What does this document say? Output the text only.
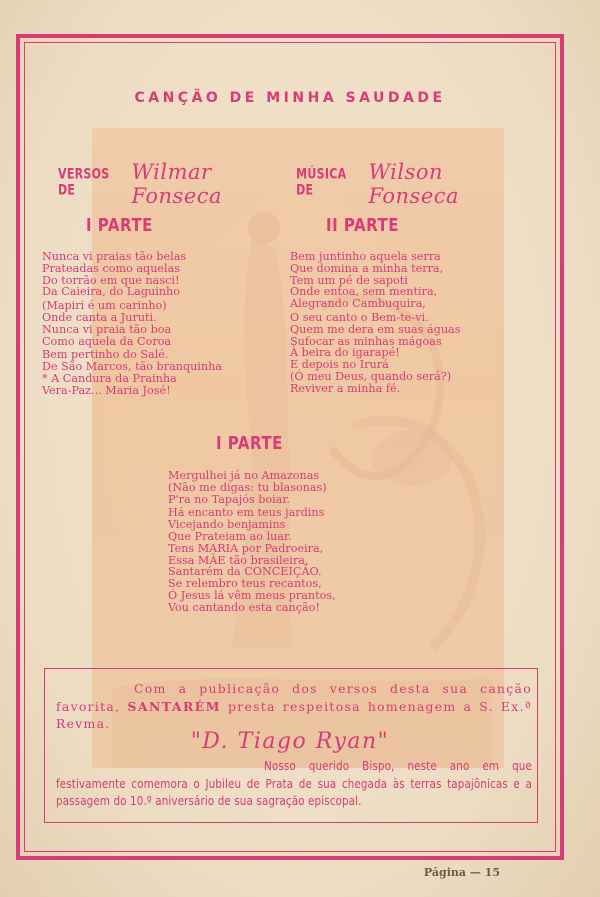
CANÇÃO DE MINHA SAUDADE
VERSOS DE
Wilmar Fonseca
MÚSICA DE
Wilson Fonseca
I PARTE
Nunca vi praias tão belas
Prateadas como aquelas
Do torrão em que nasci!
Da Caieira, do Laguinho
(Mapiri é um carinho)
Onde canta a Juruti.
Nunca vi praia tão boa
Como aquela da Coroa
Bem pertinho do Salé.
De São Marcos, tão branquinha
* A Candura da Prainha
Vera-Paz... Maria José!
II PARTE
Bem juntinho aquela serra
Que domina a minha terra,
Tem um pé de sapoti
Onde entoa, sem mentira,
Alegrando Cambuquira,
O seu canto o Bem-te-vi.
Quem me dera em suas águas
Sufocar as minhas mágoas
À beira do igarapé!
E depois no Irurá
(Ó meu Deus, quando será?)
Reviver a minha fé.
I PARTE
Mergulhei já no Amazonas
(Não me digas: tu blasonas)
P'ra no Tapajós boiar.
Há encanto em teus jardins
Vicejando benjamins
Que Prateiam ao luar.
Tens MARIA por Padroeira,
Essa MÃE tão brasileira,
Santarém da CONCEIÇÃO.
Se relembro teus recantos,
Ó Jesus lá vêm meus prantos,
Vou cantando esta canção!
Com a publicação dos versos desta sua canção favorita, SANTARÉM presta respeitosa homenagem a S. Ex.ª Revma.
"D. Tiago Ryan"
Nosso querido Bispo, neste ano em que festivamente comemora o Jubileu de Prata de sua chegada às terras tapajônicas e a passagem do 10.º aniversário de sua sagração episcopal.
Página — 15
